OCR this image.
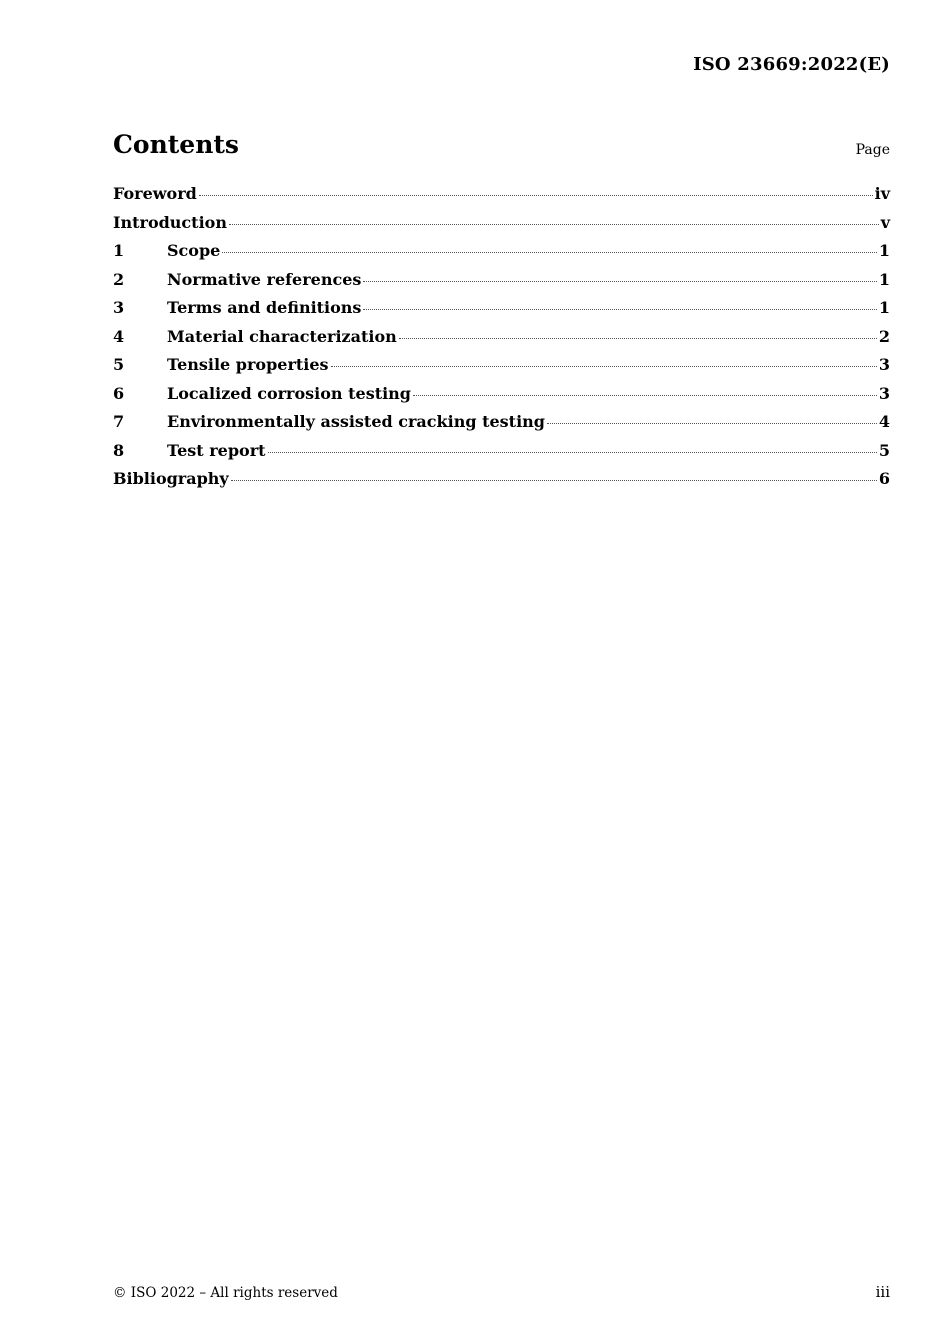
ISO 23669:2022(E)
Contents	Page
Foreword	iv
Introduction	v
1	Scope	1
2	Normative references	1
3	Terms and definitions	1
4	Material characterization	2
5	Tensile properties	3
6	Localized corrosion testing	3
7	Environmentally assisted cracking testing	4
8	Test report	5
Bibliography	6
© ISO 2022 – All rights reserved	iii
